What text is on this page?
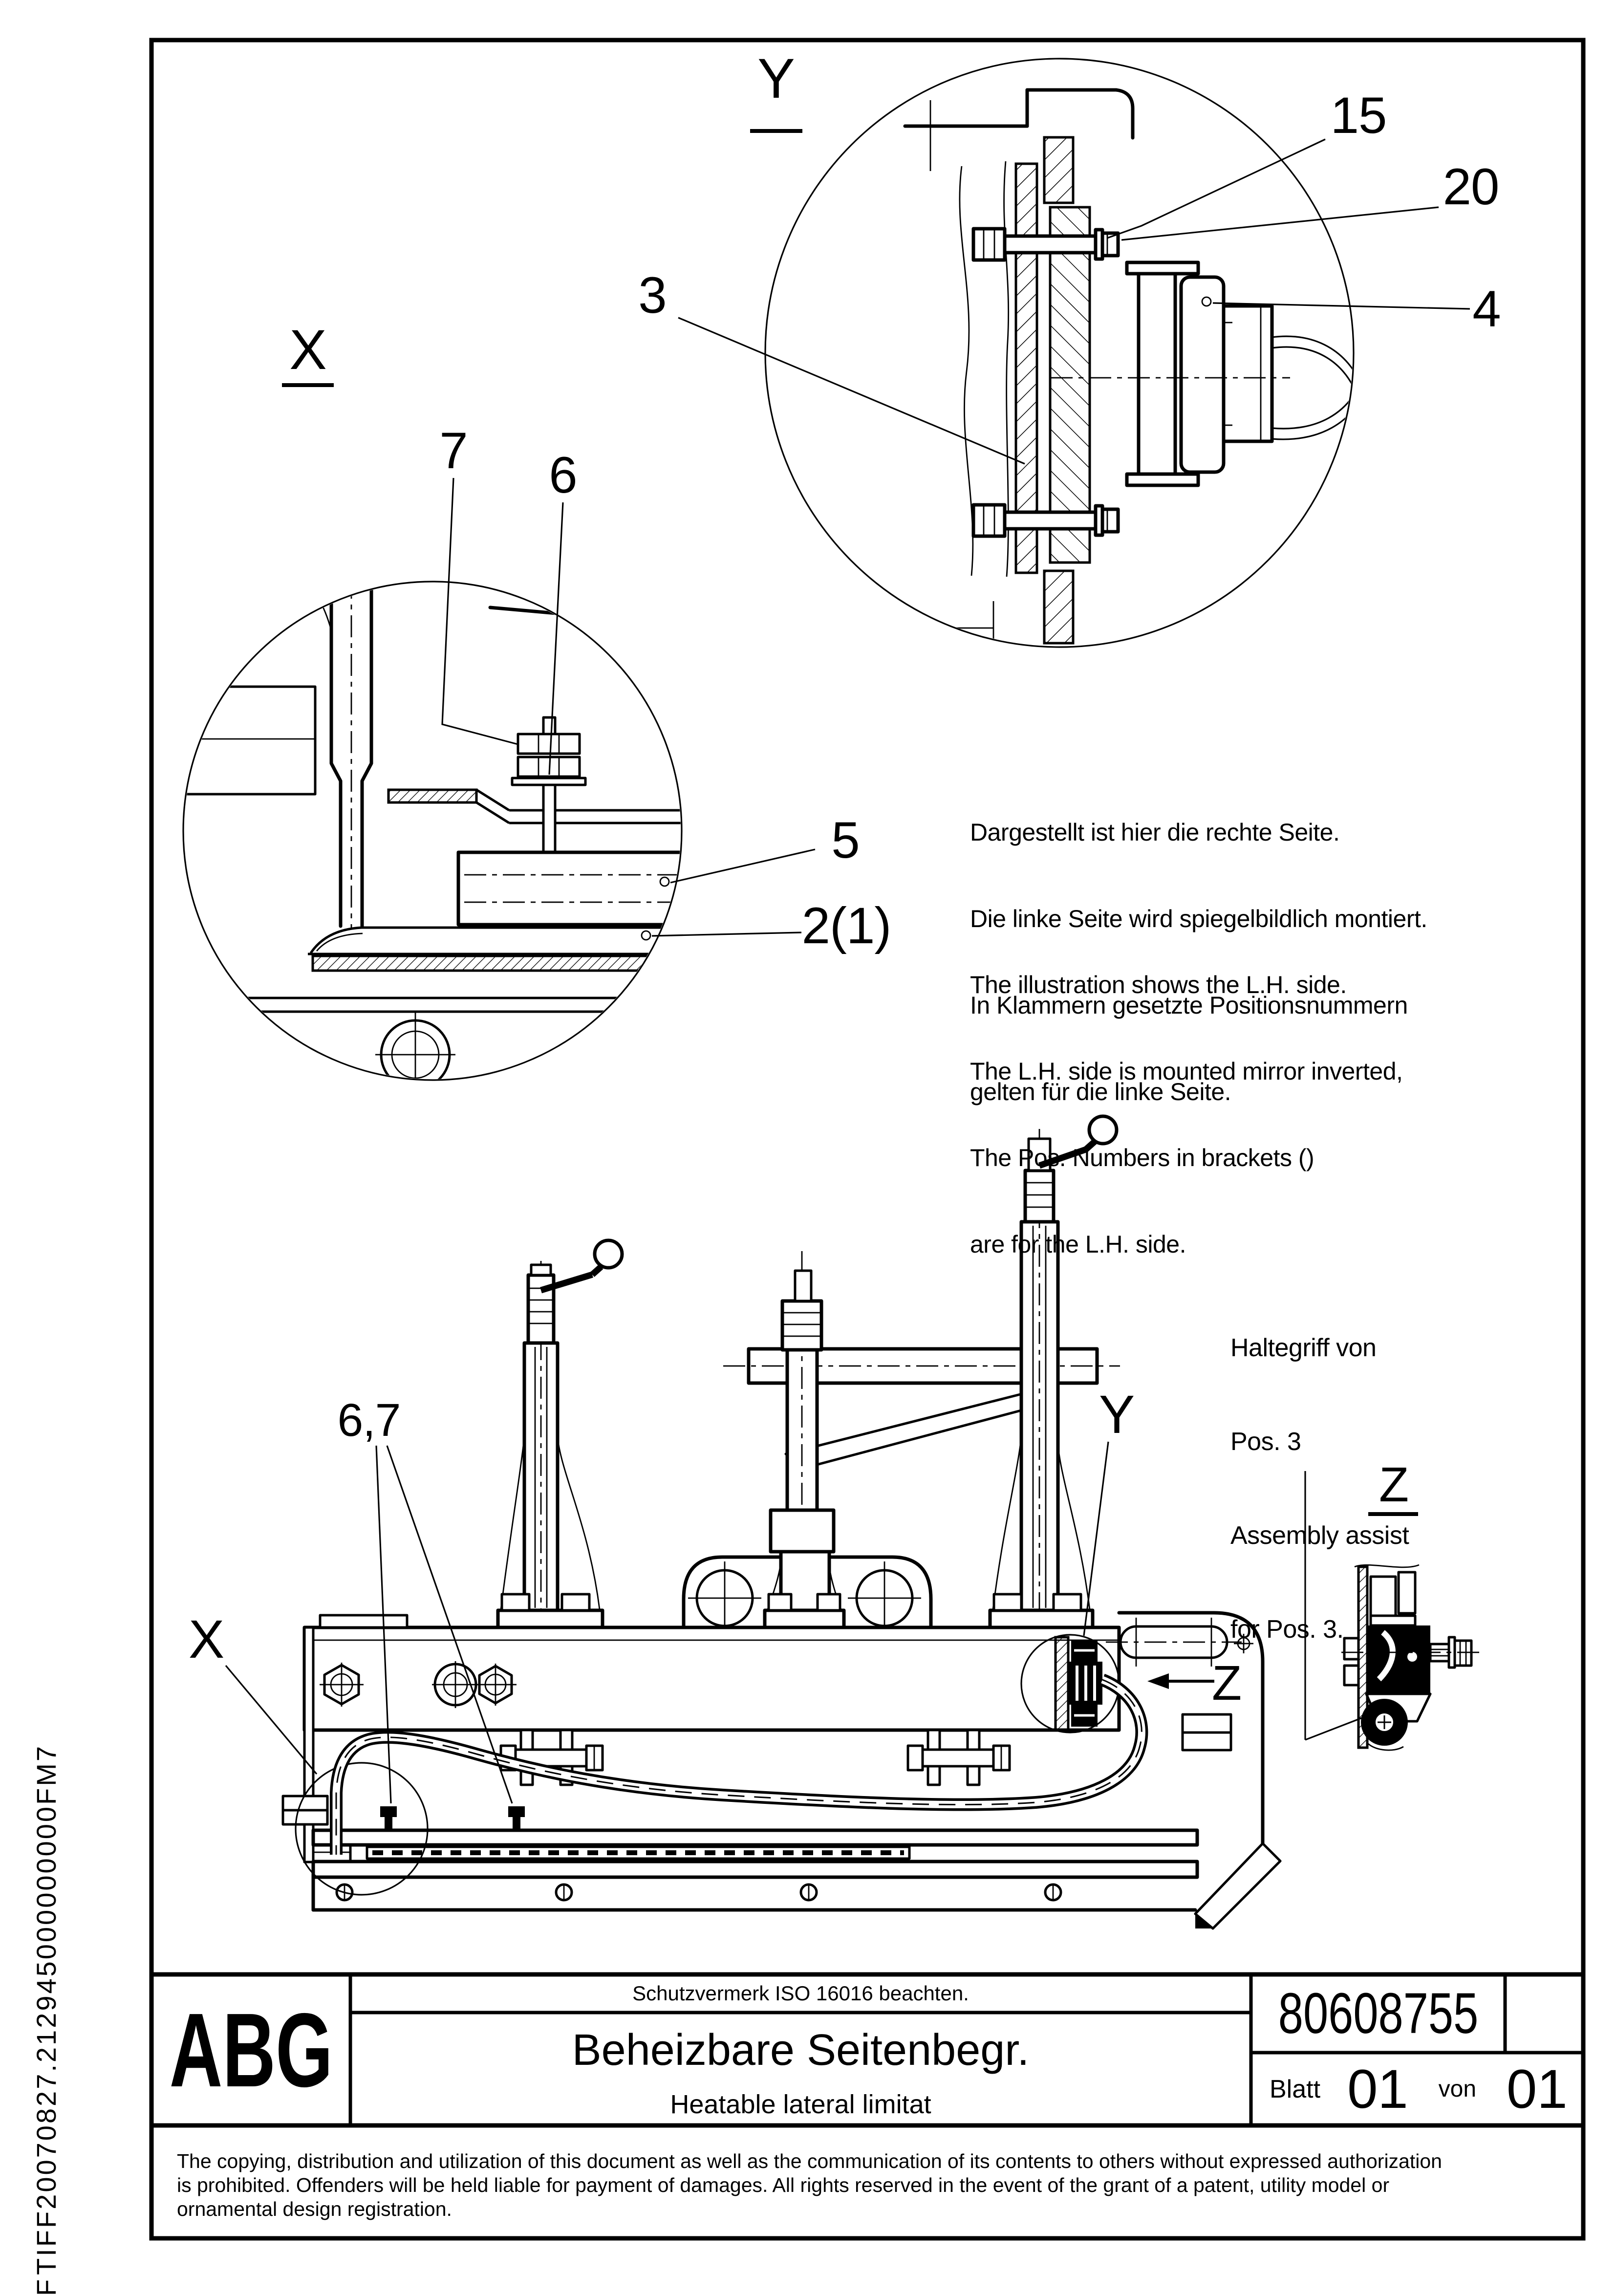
Y
15
20
3	4
X
7 6
5
2(1)
6,7
X
Y
Z
Z

Dargestellt ist hier die rechte Seite.

Die linke Seite wird spiegelbildlich montiert.

In Klammern gesetzte Positionsnummern

gelten für die linke Seite.

The illustration shows the L.H. side.

The L.H. side is mounted mirror inverted,

The Pos. Numbers in brackets ()

are for the L.H. side.

Haltegriff von

Pos. 3

Assembly assist

for Pos. 3.

ABG	Schutzvermerk ISO 16016 beachten.
Beheizbare Seitenbegr.
Heatable lateral limitat
80608755
Blatt 01 von 01
The copying, distribution and utilization of this document as well as the communication of its contents to others without expressed authorization
is prohibited. Offenders will be held liable for payment of damages. All rights reserved in the event of the grant of a patent, utility model or
ornamental design registration.
TIFF20070827.212945000000000FM7
F
